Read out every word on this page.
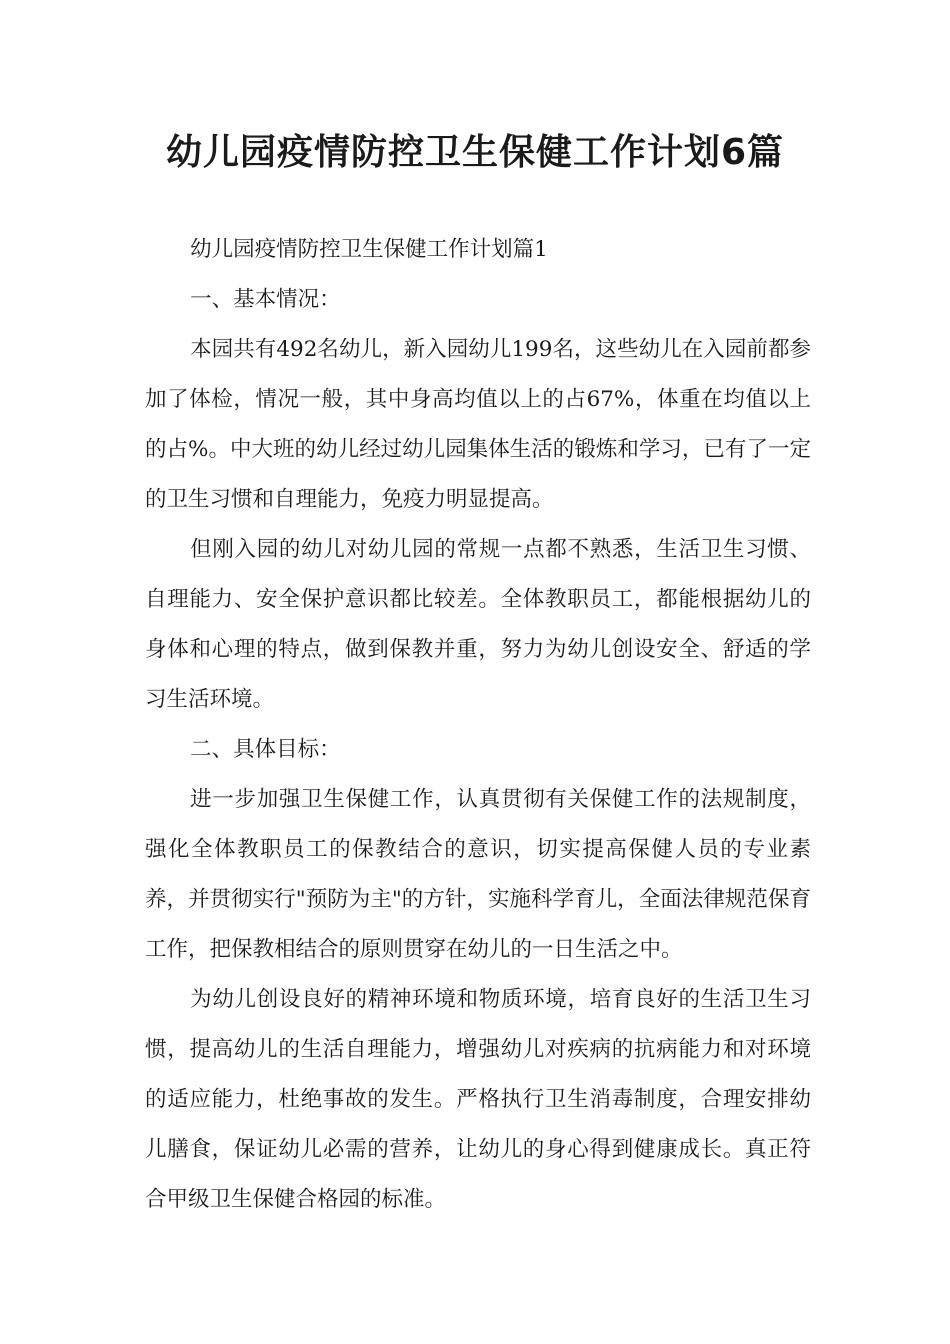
幼儿园疫情防控卫生保健工作计划6篇

幼儿园疫情防控卫生保健工作计划篇1

一、基本情况：

本园共有492名幼儿，新入园幼儿199名，这些幼儿在入园前都参加了体检，情况一般，其中身高均值以上的占67%，体重在均值以上的占%。中大班的幼儿经过幼儿园集体生活的锻炼和学习，已有了一定的卫生习惯和自理能力，免疫力明显提高。

但刚入园的幼儿对幼儿园的常规一点都不熟悉，生活卫生习惯、自理能力、安全保护意识都比较差。全体教职员工，都能根据幼儿的身体和心理的特点，做到保教并重，努力为幼儿创设安全、舒适的学习生活环境。

二、具体目标：

进一步加强卫生保健工作，认真贯彻有关保健工作的法规制度，强化全体教职员工的保教结合的意识，切实提高保健人员的专业素养，并贯彻实行"预防为主"的方针，实施科学育儿，全面法律规范保育工作，把保教相结合的原则贯穿在幼儿的一日生活之中。

为幼儿创设良好的精神环境和物质环境，培育良好的生活卫生习惯，提高幼儿的生活自理能力，增强幼儿对疾病的抗病能力和对环境的适应能力，杜绝事故的发生。严格执行卫生消毒制度，合理安排幼儿膳食，保证幼儿必需的营养，让幼儿的身心得到健康成长。真正符合甲级卫生保健合格园的标准。
